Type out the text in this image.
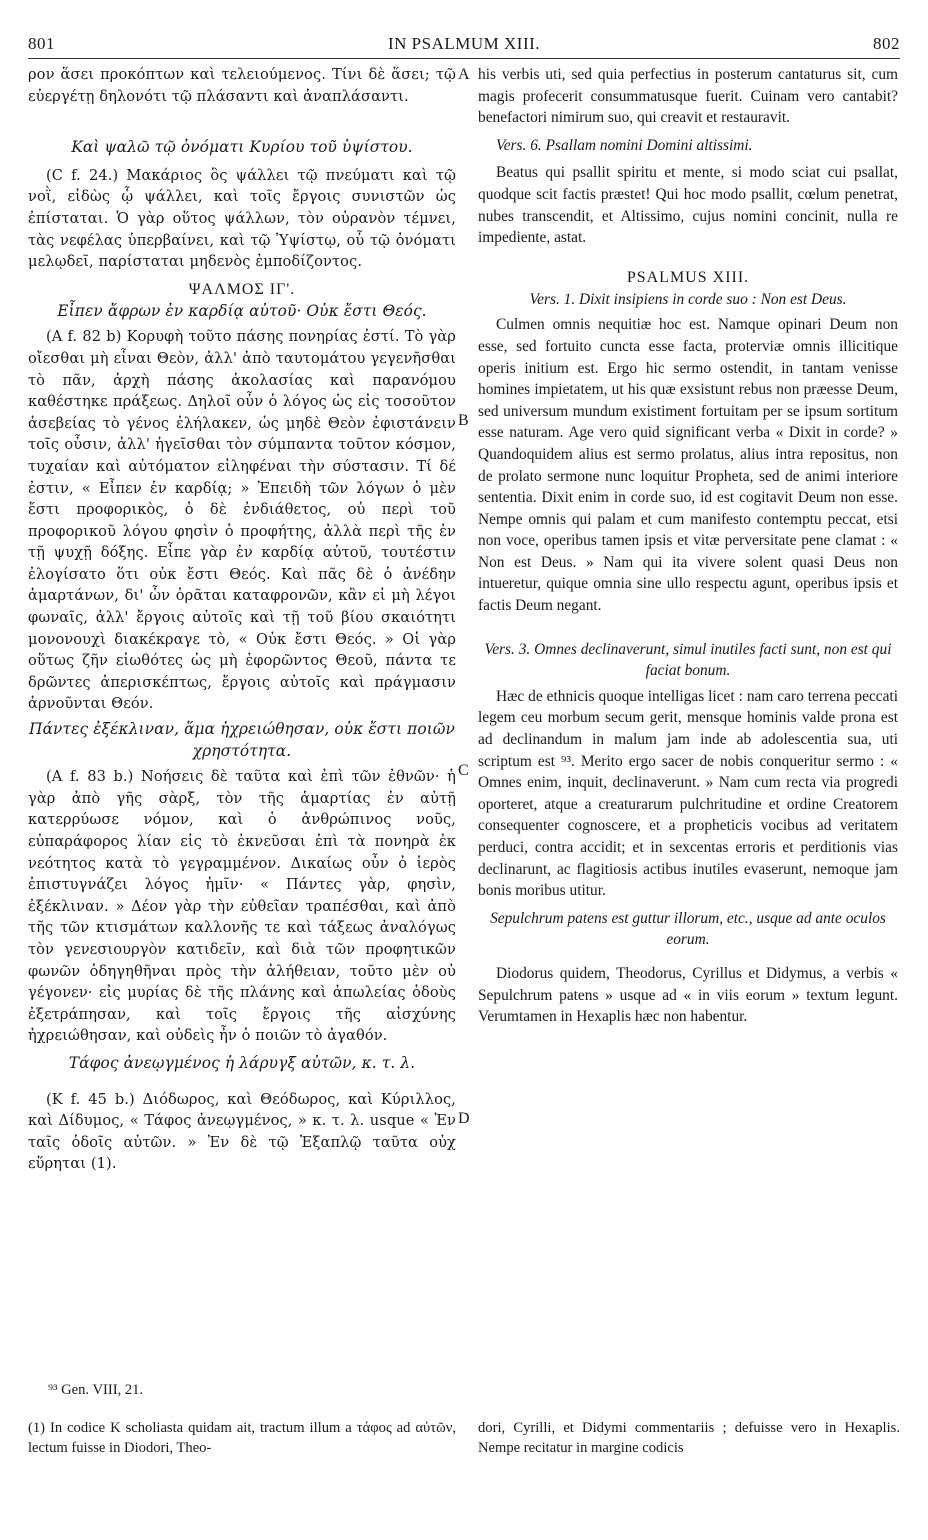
801	IN PSALMUM XIII.	802
A
B
C
D

ρον ἅσει προκόπτων καὶ τελειούμενος. Τίνι δὲ ἅσει; τῷ εὐεργέτῃ δηλονότι τῷ πλάσαντι καὶ ἀναπλάσαντι.

Καὶ ψαλῶ τῷ ὀνόματι Κυρίου τοῦ ὑψίστου.

(C f. 24.) Μακάριος ὃς ψάλλει τῷ πνεύματι καὶ τῷ νοῒ, εἰδὼς ᾧ ψάλλει, καὶ τοῖς ἔργοις συνιστῶν ὡς ἐπίσταται. Ὁ γὰρ οὕτος ψάλλων, τὸν οὐρανὸν τέμνει, τὰς νεφέλας ὑπερβαίνει, καὶ τῷ Ὑψίστῳ, οὗ τῷ ὀνόματι μελῳδεῖ, παρίσταται μηδενὸς ἐμποδίζοντος.

ΨΑΛΜΟΣ ΙΓ'.

Εἶπεν ἄφρων ἐν καρδίᾳ αὐτοῦ· Οὐκ ἔστι Θεός.

(A f. 82 b) Κορυφὴ τοῦτο πάσης πονηρίας ἐστί. Τὸ γὰρ οἴεσθαι μὴ εἶναι Θεὸν, ἀλλ' ἀπὸ ταυτομάτου γεγενῆσθαι τὸ πᾶν, ἀρχὴ πάσης ἀκολασίας καὶ παρανόμου καθέστηκε πράξεως. Δηλοῖ οὖν ὁ λόγος ὡς εἰς τοσοῦτον ἀσεβείας τὸ γένος ἐλήλακεν, ὡς μηδὲ Θεὸν ἐφιστάνειν τοῖς οὖσιν, ἀλλ' ἡγεῖσθαι τὸν σύμπαντα τοῦτον κόσμον, τυχαίαν καὶ αὐτόματον εἰληφέναι τὴν σύστασιν. Τί δέ ἐστιν, « Εἶπεν ἐν καρδίᾳ; » Ἐπειδὴ τῶν λόγων ὁ μὲν ἔστι προφορικὸς, ὁ δὲ ἐνδιάθετος, οὐ περὶ τοῦ προφορικοῦ λόγου φησὶν ὁ προφήτης, ἀλλὰ περὶ τῆς ἐν τῇ ψυχῇ δόξης. Εἶπε γὰρ ἐν καρδίᾳ αὐτοῦ, τουτέστιν ἐλογίσατο ὅτι οὐκ ἔστι Θεός. Καὶ πᾶς δὲ ὁ ἀνέδην ἁμαρτάνων, δι' ὧν ὁρᾶται καταφρονῶν, κἂν εἰ μὴ λέγοι φωναῖς, ἀλλ' ἔργοις αὐτοῖς καὶ τῇ τοῦ βίου σκαιότητι μονονουχὶ διακέκραγε τὸ, « Οὐκ ἔστι Θεός. » Οἱ γὰρ οὕτως ζῆν εἰωθότες ὡς μὴ ἐφορῶντος Θεοῦ, πάντα τε δρῶντες ἀπερισκέπτως, ἔργοις αὐτοῖς καὶ πράγμασιν ἀρνοῦνται Θεόν.

Πάντες ἐξέκλιναν, ἅμα ἠχρειώθησαν, οὐκ ἔστι ποιῶν χρηστότητα.

(A f. 83 b.) Νοήσεις δὲ ταῦτα καὶ ἐπὶ τῶν ἐθνῶν· ἡ γὰρ ἀπὸ γῆς σὰρξ, τὸν τῆς ἁμαρτίας ἐν αὐτῇ κατερρύωσε νόμον, καὶ ὁ ἀνθρώπινος νοῦς, εὐπαράφορος λίαν εἰς τὸ ἐκνεῦσαι ἐπὶ τὰ πονηρὰ ἐκ νεότητος κατὰ τὸ γεγραμμένον. Δικαίως οὖν ὁ ἱερὸς ἐπιστυγνάζει λόγος ἡμῖν· « Πάντες γὰρ, φησὶν, ἐξέκλιναν. » Δέον γὰρ τὴν εὐθεῖαν τραπέσθαι, καὶ ἀπὸ τῆς τῶν κτισμάτων καλλονῆς τε καὶ τάξεως ἀναλόγως τὸν γενεσιουργὸν κατιδεῖν, καὶ διὰ τῶν προφητικῶν φωνῶν ὁδηγηθῆναι πρὸς τὴν ἀλήθειαν, τοῦτο μὲν οὐ γέγονεν· εἰς μυρίας δὲ τῆς πλάνης καὶ ἀπωλείας ὁδοὺς ἐξετράπησαν, καὶ τοῖς ἔργοις τῆς αἰσχύνης ἠχρειώθησαν, καὶ οὐδεὶς ἦν ὁ ποιῶν τὸ ἀγαθόν.

Τάφος ἀνεῳγμένος ἡ λάρυγξ αὐτῶν, κ. τ. λ.

(K f. 45 b.) Διόδωρος, καὶ Θεόδωρος, καὶ Κύριλλος, καὶ Δίδυμος, « Τάφος ἀνεῳγμένος, » κ. τ. λ. usque « Ἐν ταῖς ὁδοῖς αὐτῶν. » Ἐν δὲ τῷ Ἑξαπλῷ ταῦτα οὐχ εὕρηται (1).

his verbis uti, sed quia perfectius in posterum cantaturus sit, cum magis profecerit consummatusque fuerit. Cuinam vero cantabit? benefactori nimirum suo, qui creavit et restauravit.

Vers. 6. Psallam nomini Domini altissimi.

Beatus qui psallit spiritu et mente, si modo sciat cui psallat, quodque scit factis præstet! Qui hoc modo psallit, cœlum penetrat, nubes transcendit, et Altissimo, cujus nomini concinit, nulla re impediente, astat.

PSALMUS XIII.

Vers. 1. Dixit insipiens in corde suo : Non est Deus.

Culmen omnis nequitiæ hoc est. Namque opinari Deum non esse, sed fortuito cuncta esse facta, proterviæ omnis illicitique operis initium est. Ergo hic sermo ostendit, in tantam venisse homines impietatem, ut his quæ exsistunt rebus non præesse Deum, sed universum mundum existiment fortuitam per se ipsum sortitum esse naturam. Age vero quid significant verba « Dixit in corde? » Quandoquidem alius est sermo prolatus, alius intra repositus, non de prolato sermone nunc loquitur Propheta, sed de animi interiore sententia. Dixit enim in corde suo, id est cogitavit Deum non esse. Nempe omnis qui palam et cum manifesto contemptu peccat, etsi non voce, operibus tamen ipsis et vitæ perversitate pene clamat : « Non est Deus. » Nam qui ita vivere solent quasi Deus non intueretur, quique omnia sine ullo respectu agunt, operibus ipsis et factis Deum negant.

Vers. 3. Omnes declinaverunt, simul inutiles facti sunt, non est qui faciat bonum.

Hæc de ethnicis quoque intelligas licet : nam caro terrena peccati legem ceu morbum secum gerit, mensque hominis valde prona est ad declinandum in malum jam inde ab adolescentia sua, uti scriptum est ⁹³. Merito ergo sacer de nobis conqueritur sermo : « Omnes enim, inquit, declinaverunt. » Nam cum recta via progredi oporteret, atque a creaturarum pulchritudine et ordine Creatorem consequenter cognoscere, et a propheticis vocibus ad veritatem perduci, contra accidit; et in sexcentas erroris et perditionis vias declinarunt, ac flagitiosis actibus inutiles evaserunt, nemoque jam bonis moribus utitur.

Sepulchrum patens est guttur illorum, etc., usque ad ante oculos eorum.

Diodorus quidem, Theodorus, Cyrillus et Didymus, a verbis « Sepulchrum patens » usque ad « in viis eorum » textum legunt. Verumtamen in Hexaplis hæc non habentur.

⁹³ Gen. VIII, 21.

(1) In codice K scholiasta quidam ait, tractum illum a τάφος ad αὐτῶν, lectum fuisse in Diodori, Theo-

dori, Cyrilli, et Didymi commentariis ; defuisse vero in Hexaplis. Nempe recitatur in margine codicis
